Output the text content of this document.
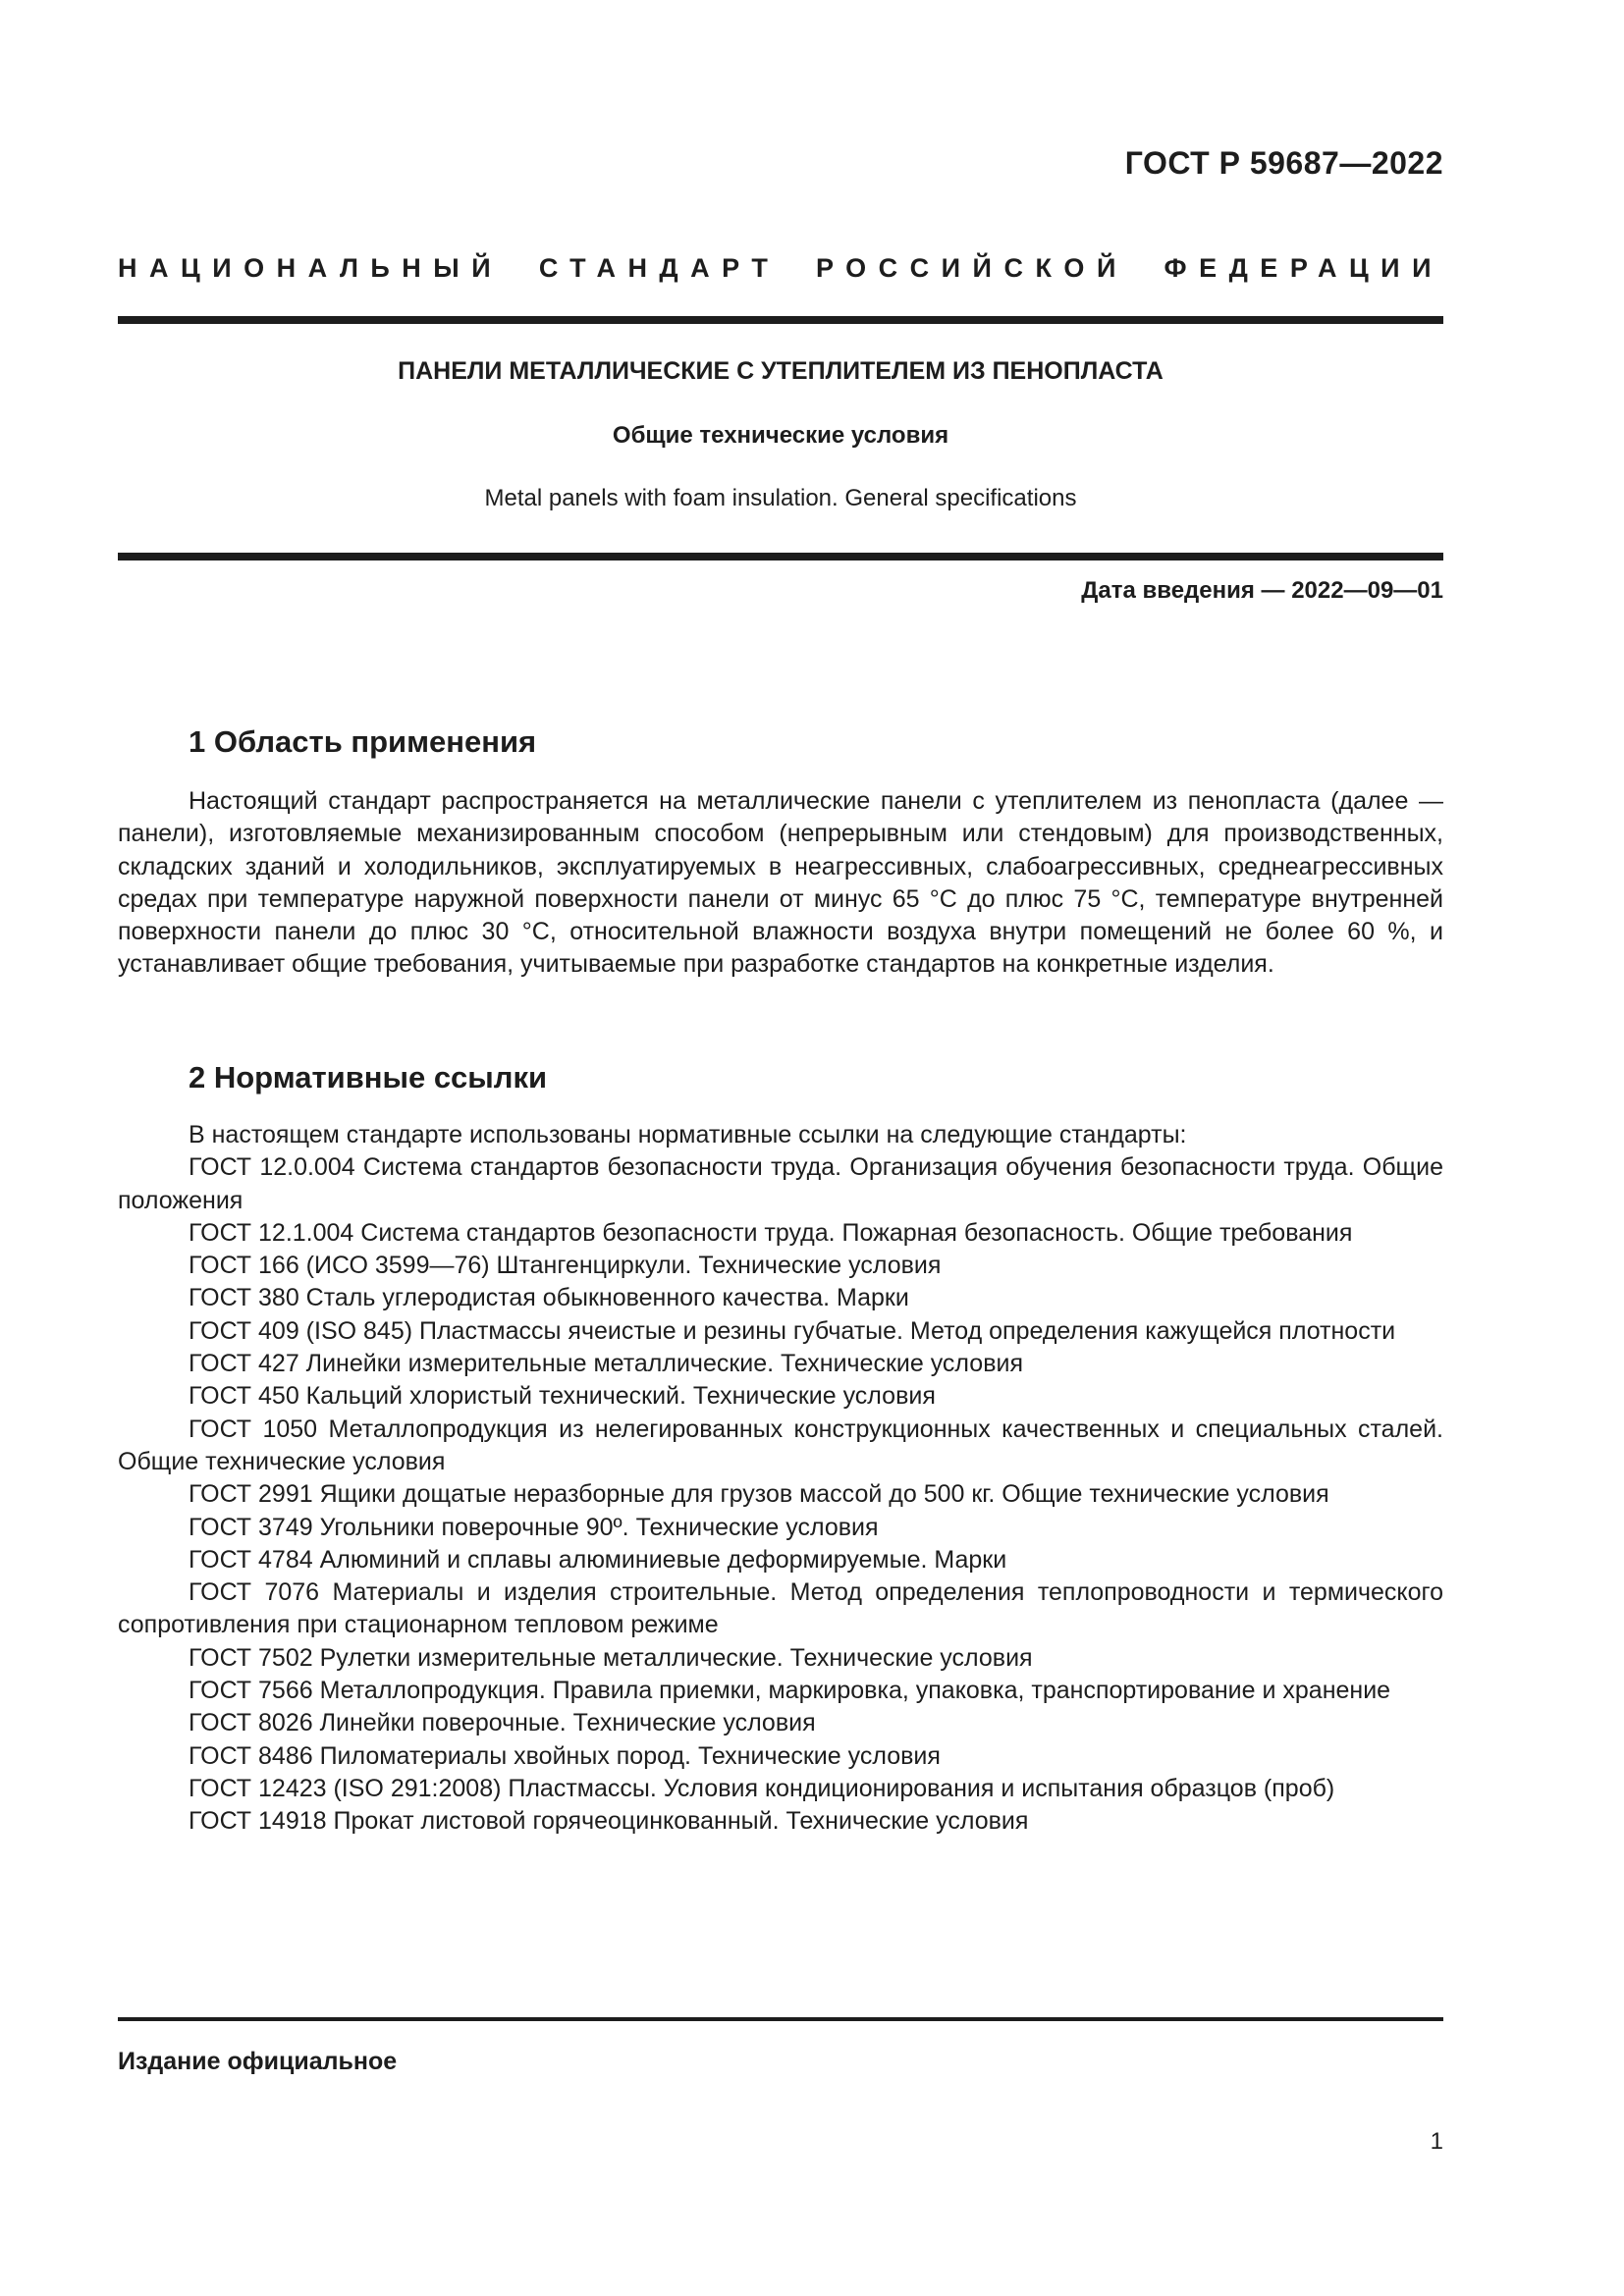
ГОСТ Р 59687—2022
НАЦИОНАЛЬНЫЙ СТАНДАРТ РОССИЙСКОЙ ФЕДЕРАЦИИ
ПАНЕЛИ МЕТАЛЛИЧЕСКИЕ С УТЕПЛИТЕЛЕМ ИЗ ПЕНОПЛАСТА
Общие технические условия
Metal panels with foam insulation. General specifications
Дата введения — 2022—09—01
1 Область применения

Настоящий стандарт распространяется на металлические панели с утеплителем из пенопласта (далее — панели), изготовляемые механизированным способом (непрерывным или стендовым) для производственных, складских зданий и холодильников, эксплуатируемых в неагрессивных, слабоагрессивных, среднеагрессивных средах при температуре наружной поверхности панели от минус 65 °С до плюс 75 °С, температуре внутренней поверхности панели до плюс 30 °С, относительной влажности воздуха внутри помещений не более 60 %, и устанавливает общие требования, учитываемые при разработке стандартов на конкретные изделия.

2 Нормативные ссылки

В настоящем стандарте использованы нормативные ссылки на следующие стандарты:

ГОСТ 12.0.004 Система стандартов безопасности труда. Организация обучения безопасности труда. Общие положения

ГОСТ 12.1.004 Система стандартов безопасности труда. Пожарная безопасность. Общие требования

ГОСТ 166 (ИСО 3599—76) Штангенциркули. Технические условия

ГОСТ 380 Сталь углеродистая обыкновенного качества. Марки

ГОСТ 409 (ISO 845) Пластмассы ячеистые и резины губчатые. Метод определения кажущейся плотности

ГОСТ 427 Линейки измерительные металлические. Технические условия

ГОСТ 450 Кальций хлористый технический. Технические условия

ГОСТ 1050 Металлопродукция из нелегированных конструкционных качественных и специальных сталей. Общие технические условия

ГОСТ 2991 Ящики дощатые неразборные для грузов массой до 500 кг. Общие технические условия

ГОСТ 3749 Угольники поверочные 90º. Технические условия

ГОСТ 4784 Алюминий и сплавы алюминиевые деформируемые. Марки

ГОСТ 7076 Материалы и изделия строительные. Метод определения теплопроводности и термического сопротивления при стационарном тепловом режиме

ГОСТ 7502 Рулетки измерительные металлические. Технические условия

ГОСТ 7566 Металлопродукция. Правила приемки, маркировка, упаковка, транспортирование и хранение

ГОСТ 8026 Линейки поверочные. Технические условия

ГОСТ 8486 Пиломатериалы хвойных пород. Технические условия

ГОСТ 12423 (ISO 291:2008) Пластмассы. Условия кондиционирования и испытания образцов (проб)

ГОСТ 14918 Прокат листовой горячеоцинкованный. Технические условия

Издание официальное
1
